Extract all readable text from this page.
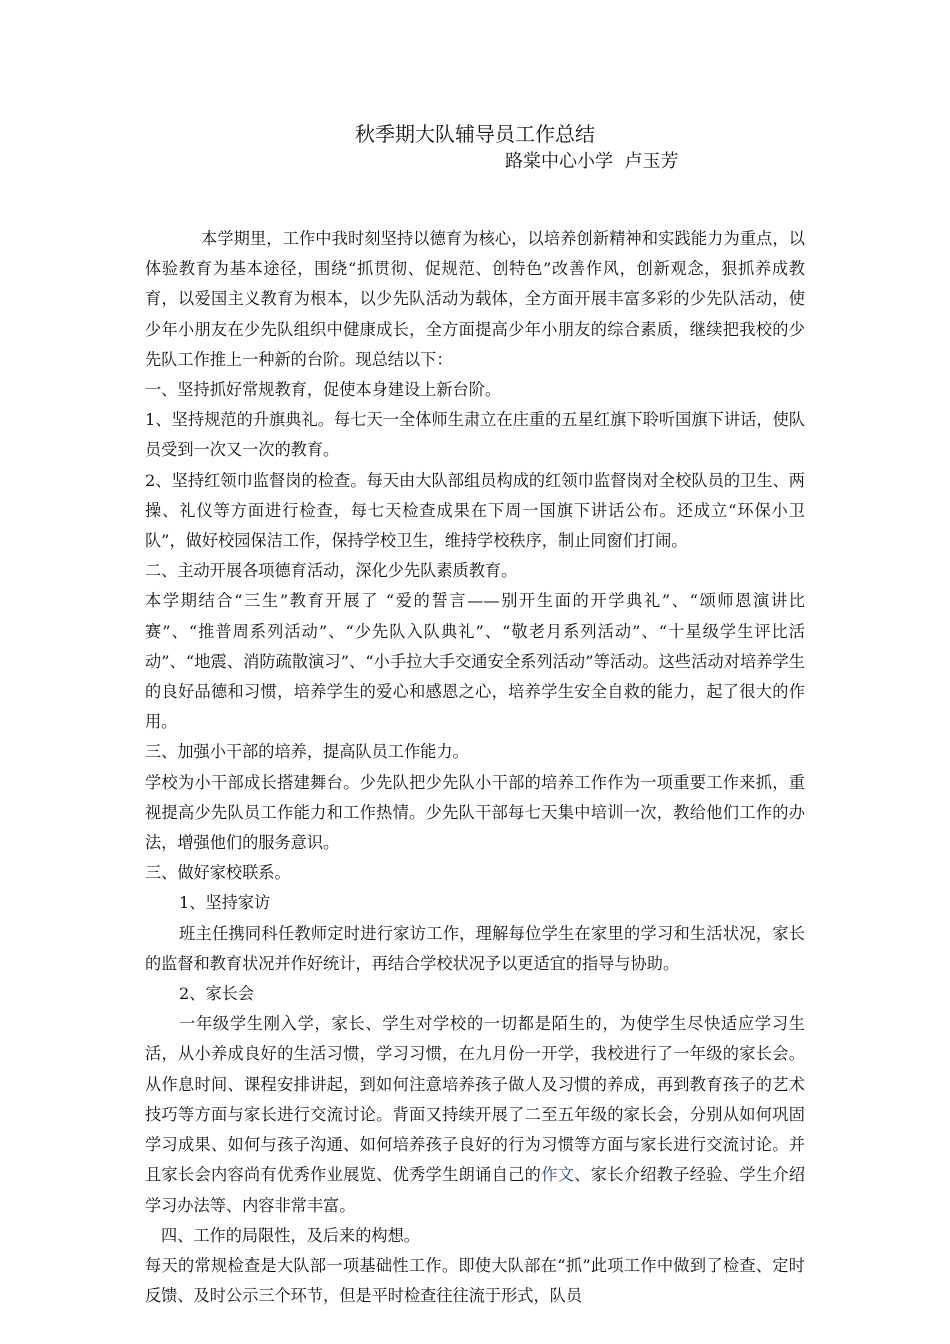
秋季期大队辅导员工作总结
路棠中心小学  卢玉芳

本学期里，工作中我时刻坚持以德育为核心，以培养创新精神和实践能力为重点，以体验教育为基本途径，围绕“抓贯彻、促规范、创特色”改善作风，创新观念，狠抓养成教育，以爱国主义教育为根本，以少先队活动为载体，全方面开展丰富多彩的少先队活动，使少年小朋友在少先队组织中健康成长，全方面提高少年小朋友的综合素质，继续把我校的少先队工作推上一种新的台阶。现总结以下：

一、坚持抓好常规教育，促使本身建设上新台阶。

1、坚持规范的升旗典礼。每七天一全体师生肃立在庄重的五星红旗下聆听国旗下讲话，使队员受到一次又一次的教育。

2、坚持红领巾监督岗的检查。每天由大队部组员构成的红领巾监督岗对全校队员的卫生、两操、礼仪等方面进行检查，每七天检查成果在下周一国旗下讲话公布。还成立“环保小卫队”，做好校园保洁工作，保持学校卫生，维持学校秩序，制止同窗们打闹。

二、主动开展各项德育活动，深化少先队素质教育。

本学期结合“三生”教育开展了 “爱的誓言——别开生面的开学典礼”、“颂师恩演讲比赛”、“推普周系列活动”、“少先队入队典礼”、“敬老月系列活动”、“十星级学生评比活动”、“地震、消防疏散演习”、“小手拉大手交通安全系列活动”等活动。这些活动对培养学生的良好品德和习惯，培养学生的爱心和感恩之心，培养学生安全自救的能力，起了很大的作用。

三、加强小干部的培养，提高队员工作能力。

学校为小干部成长搭建舞台。少先队把少先队小干部的培养工作作为一项重要工作来抓，重视提高少先队员工作能力和工作热情。少先队干部每七天集中培训一次，教给他们工作的办法，增强他们的服务意识。

三、做好家校联系。

1、坚持家访

班主任携同科任教师定时进行家访工作，理解每位学生在家里的学习和生活状况，家长的监督和教育状况并作好统计，再结合学校状况予以更适宜的指导与协助。

2、家长会

一年级学生刚入学，家长、学生对学校的一切都是陌生的，为使学生尽快适应学习生活，从小养成良好的生活习惯，学习习惯，在九月份一开学，我校进行了一年级的家长会。从作息时间、课程安排讲起，到如何注意培养孩子做人及习惯的养成，再到教育孩子的艺术技巧等方面与家长进行交流讨论。背面又持续开展了二至五年级的家长会，分别从如何巩固学习成果、如何与孩子沟通、如何培养孩子良好的行为习惯等方面与家长进行交流讨论。并且家长会内容尚有优秀作业展览、优秀学生朗诵自己的作文、家长介绍教子经验、学生介绍学习办法等、内容非常丰富。

四、工作的局限性，及后来的构想。

每天的常规检查是大队部一项基础性工作。即使大队部在“抓”此项工作中做到了检查、定时反馈、及时公示三个环节，但是平时检查往往流于形式，队员
